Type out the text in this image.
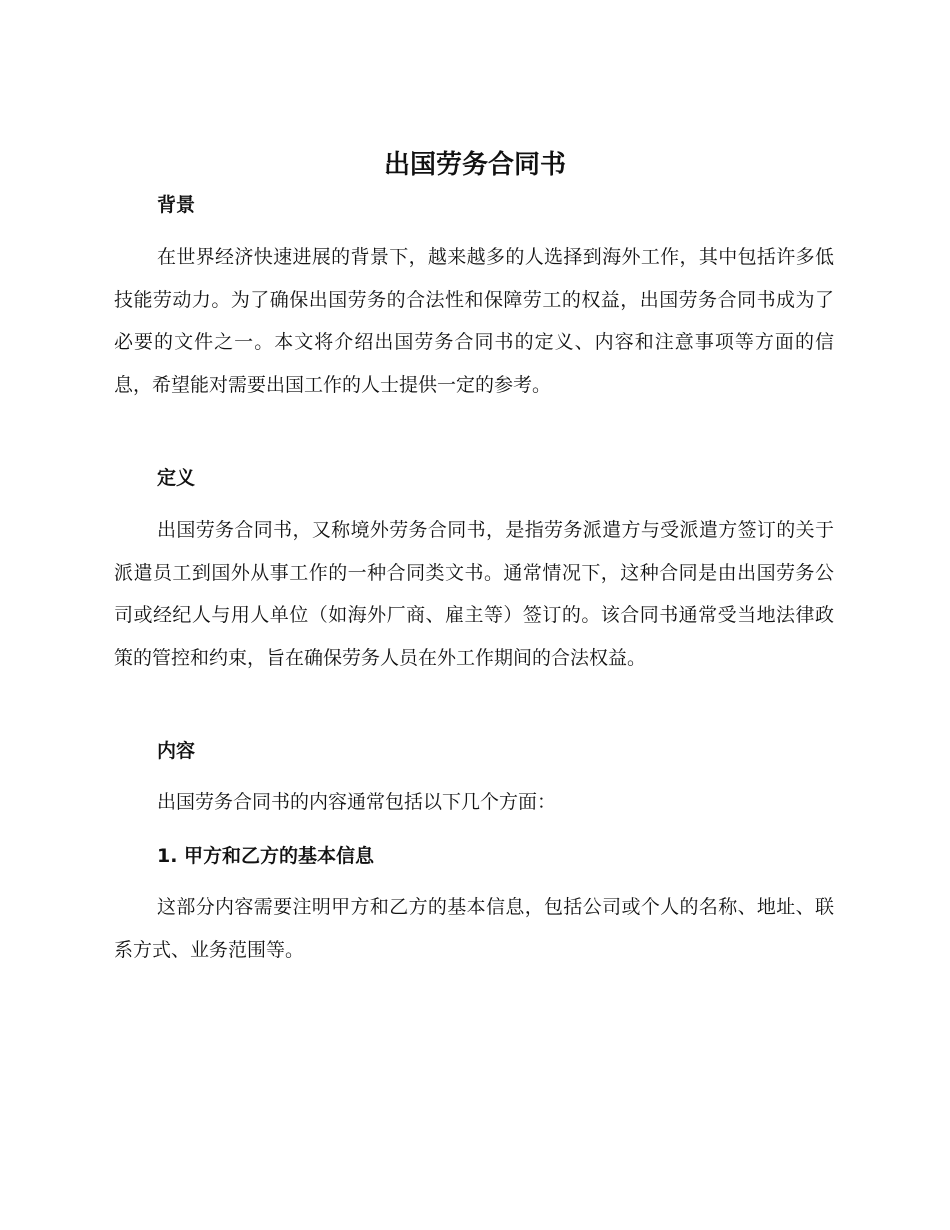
出国劳务合同书
背景

在世界经济快速进展的背景下，越来越多的人选择到海外工作，其中包括许多低技能劳动力。为了确保出国劳务的合法性和保障劳工的权益，出国劳务合同书成为了必要的文件之一。本文将介绍出国劳务合同书的定义、内容和注意事项等方面的信息，希望能对需要出国工作的人士提供一定的参考。

定义

出国劳务合同书，又称境外劳务合同书，是指劳务派遣方与受派遣方签订的关于派遣员工到国外从事工作的一种合同类文书。通常情况下，这种合同是由出国劳务公司或经纪人与用人单位（如海外厂商、雇主等）签订的。该合同书通常受当地法律政策的管控和约束，旨在确保劳务人员在外工作期间的合法权益。

内容

出国劳务合同书的内容通常包括以下几个方面：

1. 甲方和乙方的基本信息

这部分内容需要注明甲方和乙方的基本信息，包括公司或个人的名称、地址、联系方式、业务范围等。
